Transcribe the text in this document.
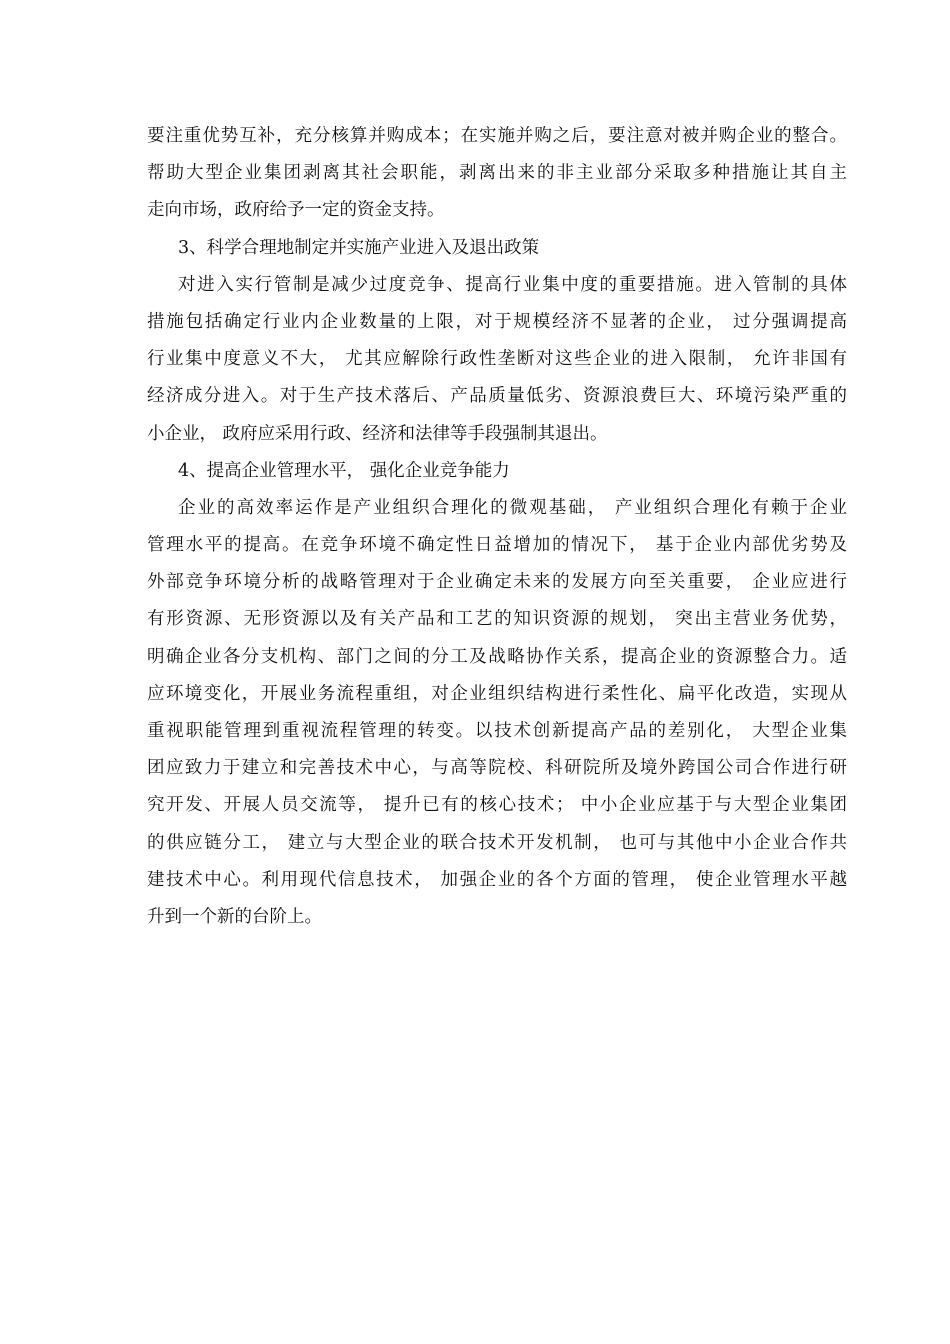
要注重优势互补，充分核算并购成本；在实施并购之后，要注意对被并购企业的整合。
帮助大型企业集团剥离其社会职能，剥离出来的非主业部分采取多种措施让其自主
走向市场，政府给予一定的资金支持。
3、科学合理地制定并实施产业进入及退出政策
对进入实行管制是减少过度竞争、提高行业集中度的重要措施。进入管制的具体
措施包括确定行业内企业数量的上限，对于规模经济不显著的企业， 过分强调提高
行业集中度意义不大， 尤其应解除行政性垄断对这些企业的进入限制， 允许非国有
经济成分进入。对于生产技术落后、产品质量低劣、资源浪费巨大、环境污染严重的
小企业， 政府应采用行政、经济和法律等手段强制其退出。
4、提高企业管理水平， 强化企业竞争能力
企业的高效率运作是产业组织合理化的微观基础， 产业组织合理化有赖于企业
管理水平的提高。在竞争环境不确定性日益增加的情况下， 基于企业内部优劣势及
外部竞争环境分析的战略管理对于企业确定未来的发展方向至关重要， 企业应进行
有形资源、无形资源以及有关产品和工艺的知识资源的规划， 突出主营业务优势，
明确企业各分支机构、部门之间的分工及战略协作关系，提高企业的资源整合力。适
应环境变化，开展业务流程重组，对企业组织结构进行柔性化、扁平化改造，实现从
重视职能管理到重视流程管理的转变。以技术创新提高产品的差别化， 大型企业集
团应致力于建立和完善技术中心，与高等院校、科研院所及境外跨国公司合作进行研
究开发、开展人员交流等， 提升已有的核心技术； 中小企业应基于与大型企业集团
的供应链分工， 建立与大型企业的联合技术开发机制， 也可与其他中小企业合作共
建技术中心。利用现代信息技术， 加强企业的各个方面的管理， 使企业管理水平越
升到一个新的台阶上。
